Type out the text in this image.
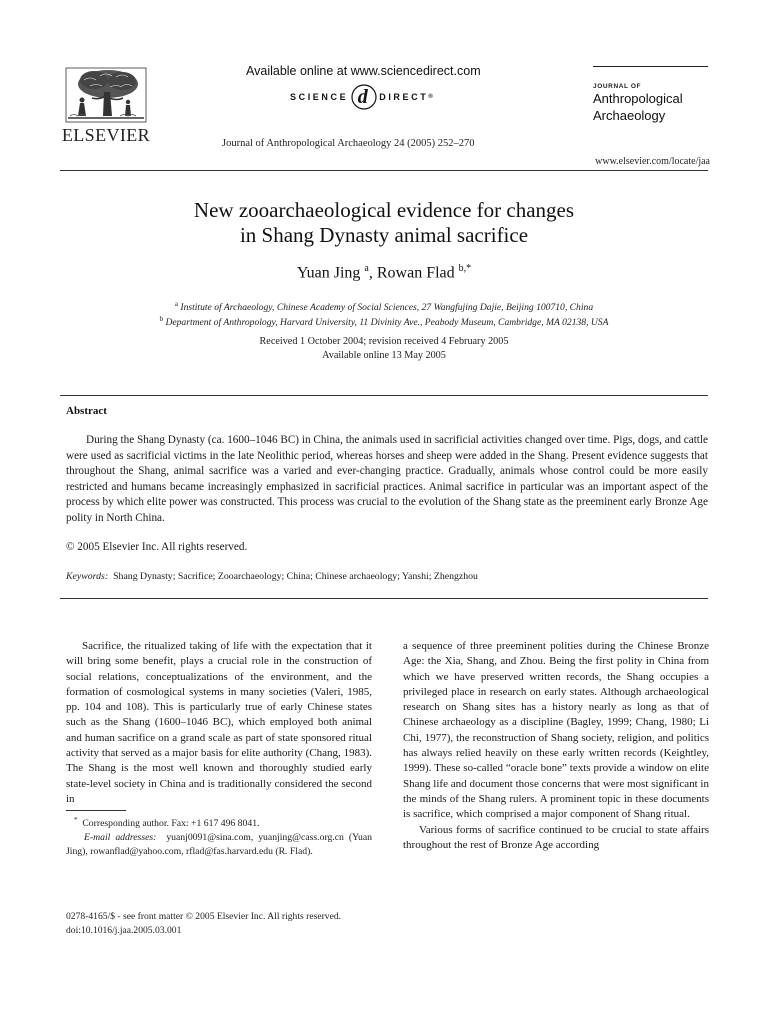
ELSEVIER
Available online at www.sciencedirect.com
SCIENCE d DIRECT ®
Journal of Anthropological Archaeology 24 (2005) 252–270
JOURNAL OF
Anthropological
Archaeology
www.elsevier.com/locate/jaa
New zooarchaeological evidence for changes
in Shang Dynasty animal sacrifice
Yuan Jing $^a$, Rowan Flad $^{b,*}$
$^a$ Institute of Archaeology, Chinese Academy of Social Sciences, 27 Wangfujing Dajie, Beijing 100710, China
$^b$ Department of Anthropology, Harvard University, 11 Divinity Ave., Peabody Museum, Cambridge, MA 02138, USA
Received 1 October 2004; revision received 4 February 2005
Available online 13 May 2005
Abstract

During the Shang Dynasty (ca. 1600–1046 BC) in China, the animals used in sacrificial activities changed over time. Pigs, dogs, and cattle were used as sacrificial victims in the late Neolithic period, whereas horses and sheep were added in the Shang. Present evidence suggests that throughout the Shang, animal sacrifice was a varied and ever-changing practice. Gradually, animals whose control could be more easily restricted and humans became increasingly emphasized in sacrificial practices. Animal sacrifice in particular was an important aspect of the process by which elite power was constructed. This process was crucial to the evolution of the Shang state as the preeminent early Bronze Age polity in North China.

© 2005 Elsevier Inc. All rights reserved.
Keywords: Shang Dynasty; Sacrifice; Zooarchaeology; China; Chinese archaeology; Yanshi; Zhengzhou

Sacrifice, the ritualized taking of life with the expectation that it will bring some benefit, plays a crucial role in the construction of social relations, conceptualizations of the environment, and the formation of cosmological systems in many societies (Valeri, 1985, pp. 104 and 108). This is particularly true of early Chinese states such as the Shang (1600–1046 BC), which employed both animal and human sacrifice on a grand scale as part of state sponsored ritual activity that served as a major basis for elite authority (Chang, 1983). The Shang is the most well known and thoroughly studied early state-level society in China and is traditionally considered the second in

a sequence of three preeminent polities during the Chinese Bronze Age: the Xia, Shang, and Zhou. Being the first polity in China from which we have preserved written records, the Shang occupies a privileged place in research on early states. Although archaeological research on Shang sites has a history nearly as long as that of Chinese archaeology as a discipline (Bagley, 1999; Chang, 1980; Li Chi, 1977), the reconstruction of Shang society, religion, and politics has always relied heavily on these early written records (Keightley, 1999). These so-called “oracle bone” texts provide a window on elite Shang life and document those concerns that were most significant in the minds of the Shang rulers. A prominent topic in these documents is sacrifice, which comprised a major component of Shang ritual.

Various forms of sacrifice continued to be crucial to state affairs throughout the rest of Bronze Age according

* Corresponding author. Fax: +1 617 496 8041.
E-mail addresses: yuanj0091@sina.com, yuanjing@cass.org.cn (Yuan Jing), rowanflad@yahoo.com, rflad@fas.harvard.edu (R. Flad).
0278-4165/$ - see front matter © 2005 Elsevier Inc. All rights reserved.
doi:10.1016/j.jaa.2005.03.001
